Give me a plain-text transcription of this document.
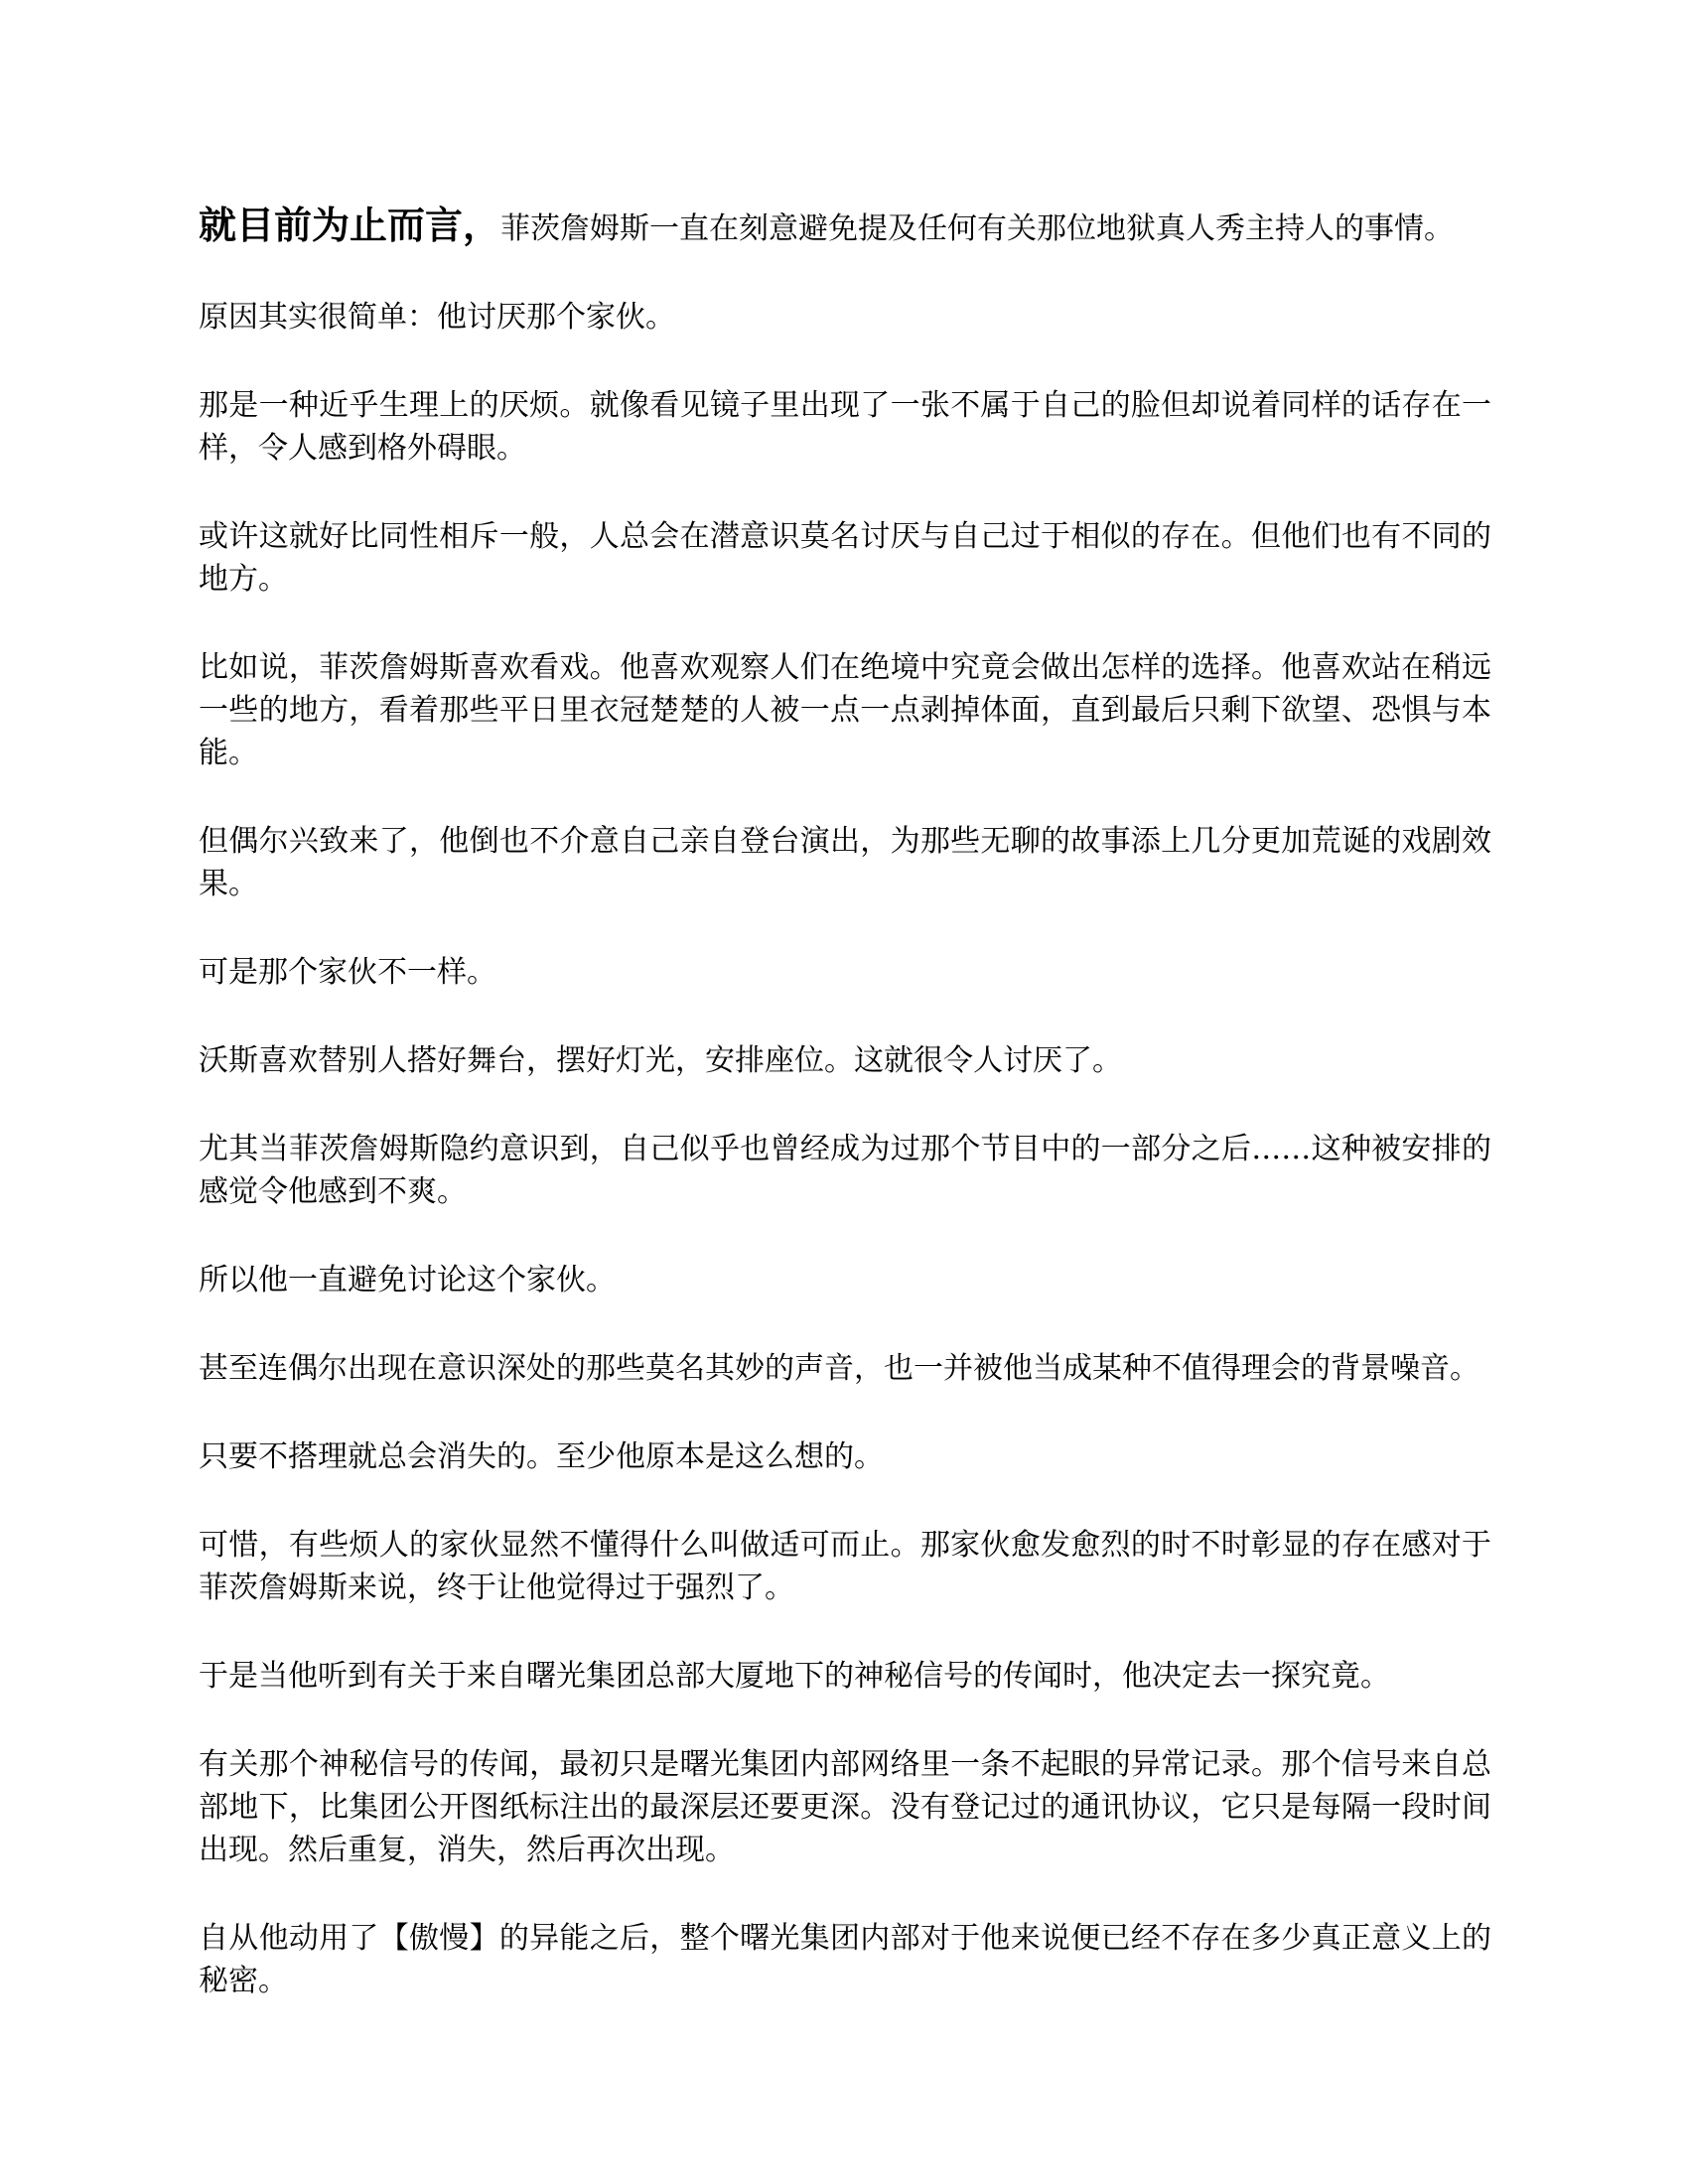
就目前为止而言，菲茨詹姆斯一直在刻意避免提及任何有关那位地狱真人秀主持人的事情。

原因其实很简单：他讨厌那个家伙。

那是一种近乎生理上的厌烦。就像看见镜子里出现了一张不属于自己的脸但却说着同样的话存在一样，令人感到格外碍眼。

或许这就好比同性相斥一般，人总会在潜意识莫名讨厌与自己过于相似的存在。但他们也有不同的地方。

比如说，菲茨詹姆斯喜欢看戏。他喜欢观察人们在绝境中究竟会做出怎样的选择。他喜欢站在稍远一些的地方，看着那些平日里衣冠楚楚的人被一点一点剥掉体面，直到最后只剩下欲望、恐惧与本能。

但偶尔兴致来了，他倒也不介意自己亲自登台演出，为那些无聊的故事添上几分更加荒诞的戏剧效果。

可是那个家伙不一样。

沃斯喜欢替别人搭好舞台，摆好灯光，安排座位。这就很令人讨厌了。

尤其当菲茨詹姆斯隐约意识到，自己似乎也曾经成为过那个节目中的一部分之后……这种被安排的感觉令他感到不爽。

所以他一直避免讨论这个家伙。

甚至连偶尔出现在意识深处的那些莫名其妙的声音，也一并被他当成某种不值得理会的背景噪音。

只要不搭理就总会消失的。至少他原本是这么想的。

可惜，有些烦人的家伙显然不懂得什么叫做适可而止。那家伙愈发愈烈的时不时彰显的存在感对于菲茨詹姆斯来说，终于让他觉得过于强烈了。

于是当他听到有关于来自曙光集团总部大厦地下的神秘信号的传闻时，他决定去一探究竟。

有关那个神秘信号的传闻，最初只是曙光集团内部网络里一条不起眼的异常记录。那个信号来自总部地下，比集团公开图纸标注出的最深层还要更深。没有登记过的通讯协议，它只是每隔一段时间出现。然后重复，消失，然后再次出现。

自从他动用了【傲慢】的异能之后，整个曙光集团内部对于他来说便已经不存在多少真正意义上的秘密。
